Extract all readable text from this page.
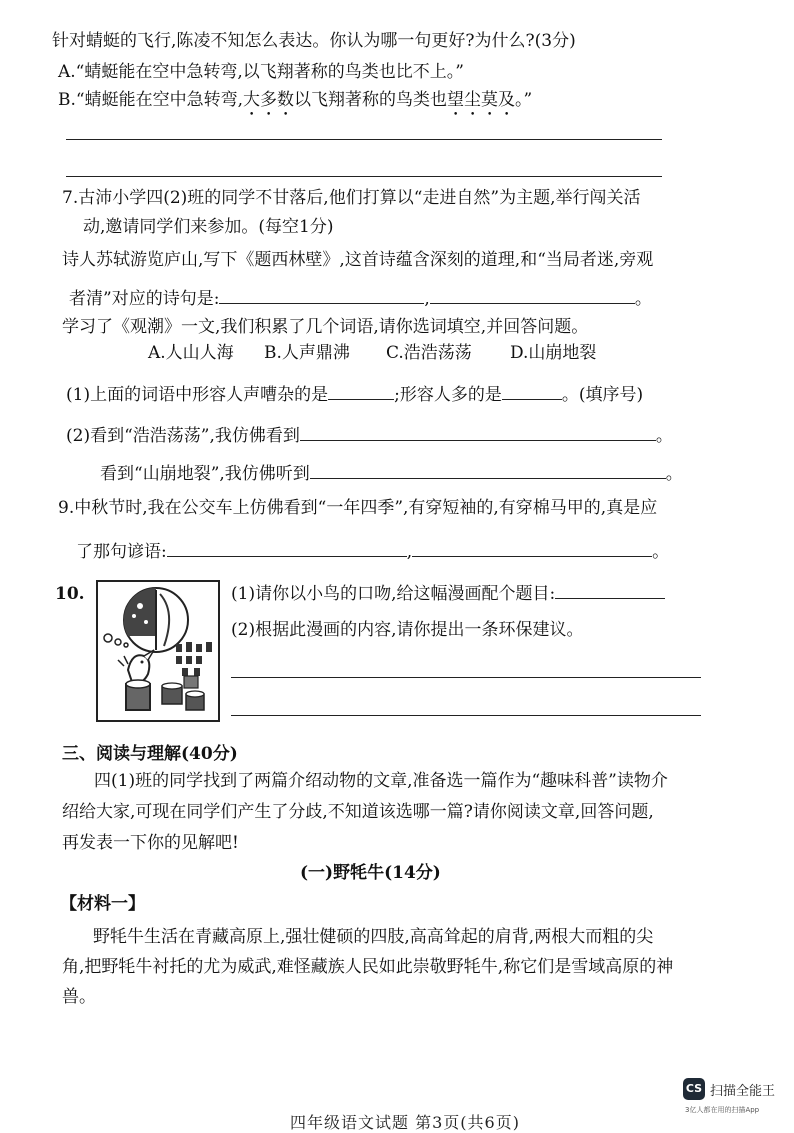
针对蜻蜓的飞行,陈凌不知怎么表达。你认为哪一句更好?为什么?(3分)
A.“蜻蜓能在空中急转弯,以飞翔著称的鸟类也比不上。”
B.“蜻蜓能在空中急转弯,大多数以飞翔著称的鸟类也望尘莫及。”
7.古沛小学四(2)班的同学不甘落后,他们打算以“走进自然”为主题,举行闯关活
动,邀请同学们来参加。(每空1分)
诗人苏轼游览庐山,写下《题西林壁》,这首诗蕴含深刻的道理,和“当局者迷,旁观
者清”对应的诗句是:	,	。
学习了《观潮》一文,我们积累了几个词语,请你选词填空,并回答问题。
A.人山人海 B.人声鼎沸 C.浩浩荡荡 D.山崩地裂
(1)上面的词语中形容人声嘈杂的是	;形容人多的是	。(填序号)
(2)看到“浩浩荡荡”,我仿佛看到	。
看到“山崩地裂”,我仿佛听到	。
9.中秋节时,我在公交车上仿佛看到“一年四季”,有穿短袖的,有穿棉马甲的,真是应
了那句谚语:	,	。
10.	(1)请你以小鸟的口吻,给这幅漫画配个题目:
(2)根据此漫画的内容,请你提出一条环保建议。
三、阅读与理解(40分)
四(1)班的同学找到了两篇介绍动物的文章,准备选一篇作为“趣味科普”读物介
绍给大家,可现在同学们产生了分歧,不知道该选哪一篇?请你阅读文章,回答问题,
再发表一下你的见解吧!
(一)野牦牛(14分)
【材料一】
野牦牛生活在青藏高原上,强壮健硕的四肢,高高耸起的肩背,两根大而粗的尖
角,把野牦牛衬托的尤为威武,难怪藏族人民如此崇敬野牦牛,称它们是雪域高原的神
兽。
四年级语文试题 第3页(共6页)
CS 扫描全能王
3亿人都在用的扫描App
